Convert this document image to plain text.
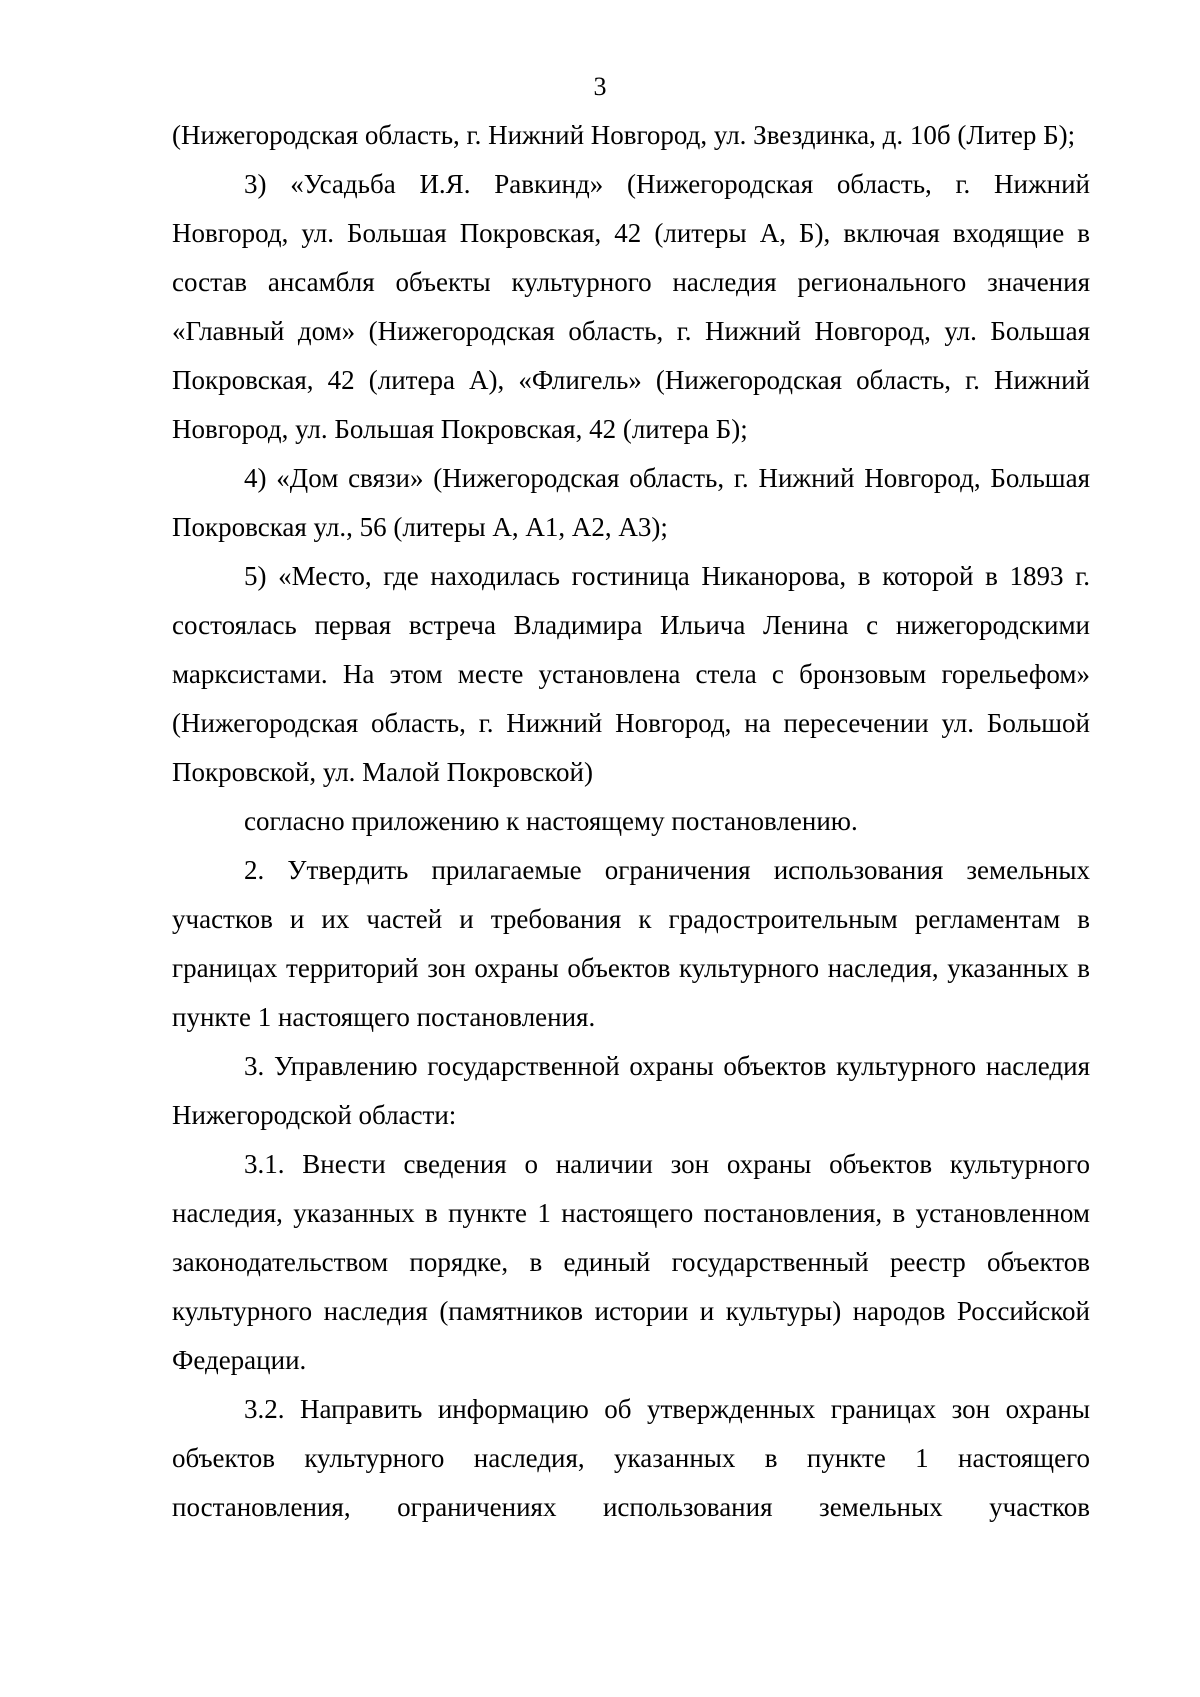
3

(Нижегородская область, г. Нижний Новгород, ул. Звездинка, д. 10б (Литер Б);

3) «Усадьба И.Я. Равкинд» (Нижегородская область, г. Нижний Новгород, ул. Большая Покровская, 42 (литеры А, Б), включая входящие в состав ансамбля объекты культурного наследия регионального значения «Главный дом» (Нижегородская область, г. Нижний Новгород, ул. Большая Покровская, 42 (литера А), «Флигель» (Нижегородская область, г. Нижний Новгород, ул. Большая Покровская, 42 (литера Б);

4) «Дом связи» (Нижегородская область, г. Нижний Новгород, Большая Покровская ул., 56 (литеры А, А1, А2, А3);

5) «Место, где находилась гостиница Никанорова, в которой в 1893 г. состоялась первая встреча Владимира Ильича Ленина с нижегородскими марксистами. На этом месте установлена стела с бронзовым горельефом» (Нижегородская область, г. Нижний Новгород, на пересечении ул. Большой Покровской, ул. Малой Покровской)

согласно приложению к настоящему постановлению.

2. Утвердить прилагаемые ограничения использования земельных участков и их частей и требования к градостроительным регламентам в границах территорий зон охраны объектов культурного наследия, указанных в пункте 1 настоящего постановления.

3. Управлению государственной охраны объектов культурного наследия Нижегородской области:

3.1. Внести сведения о наличии зон охраны объектов культурного наследия, указанных в пункте 1 настоящего постановления, в установленном законодательством порядке, в единый государственный реестр объектов культурного наследия (памятников истории и культуры) народов Российской Федерации.

3.2. Направить информацию об утвержденных границах зон охраны объектов культурного наследия, указанных в пункте 1 настоящего постановления, ограничениях использования земельных участков
